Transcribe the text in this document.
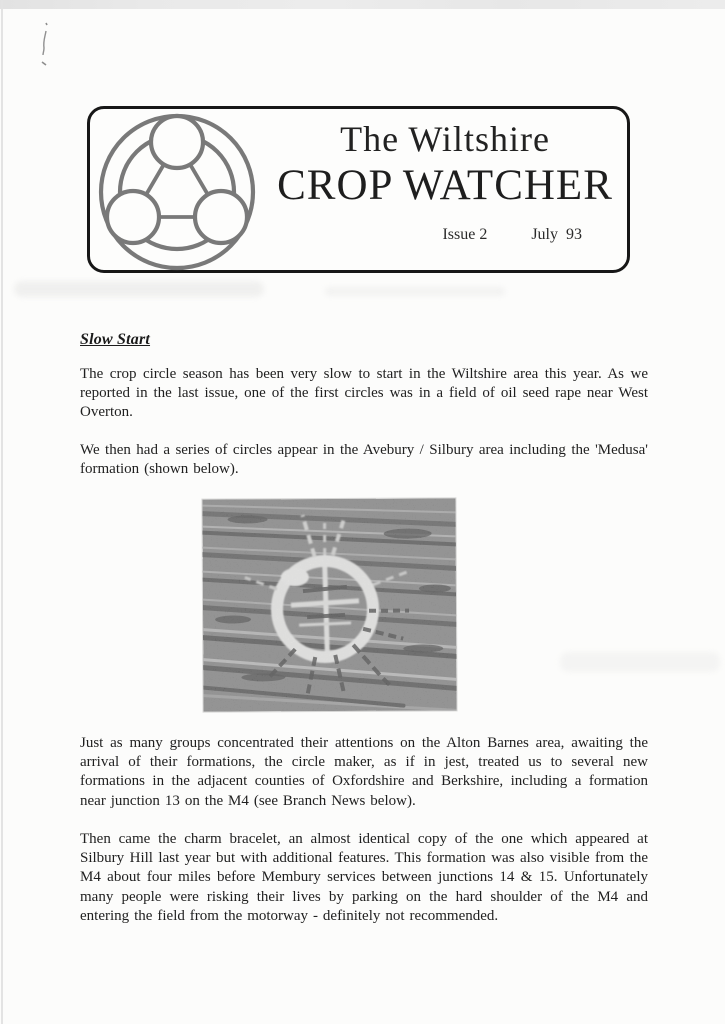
The Wiltshire
CROP WATCHER
Issue 2	July  93
Slow Start

The crop circle season has been very slow to start in the Wiltshire area this year. As we reported in the last issue, one of the first circles was in a field of oil seed rape near West Overton.

We then had a series of circles appear in the Avebury / Silbury area including the 'Medusa' formation (shown below).

Just as many groups concentrated their attentions on the Alton Barnes area, awaiting the arrival of their formations, the circle maker, as if in jest, treated us to several new formations in the adjacent counties of Oxfordshire and Berkshire, including a formation near junction 13 on the M4 (see Branch News below).

Then came the charm bracelet, an almost identical copy of the one which appeared at Silbury Hill last year but with additional features. This formation was also visible from the M4 about four miles before Membury services between junctions 14 & 15. Unfortunately many people were risking their lives by parking on the hard shoulder of the M4 and entering the field from the motorway - definitely not recommended.
